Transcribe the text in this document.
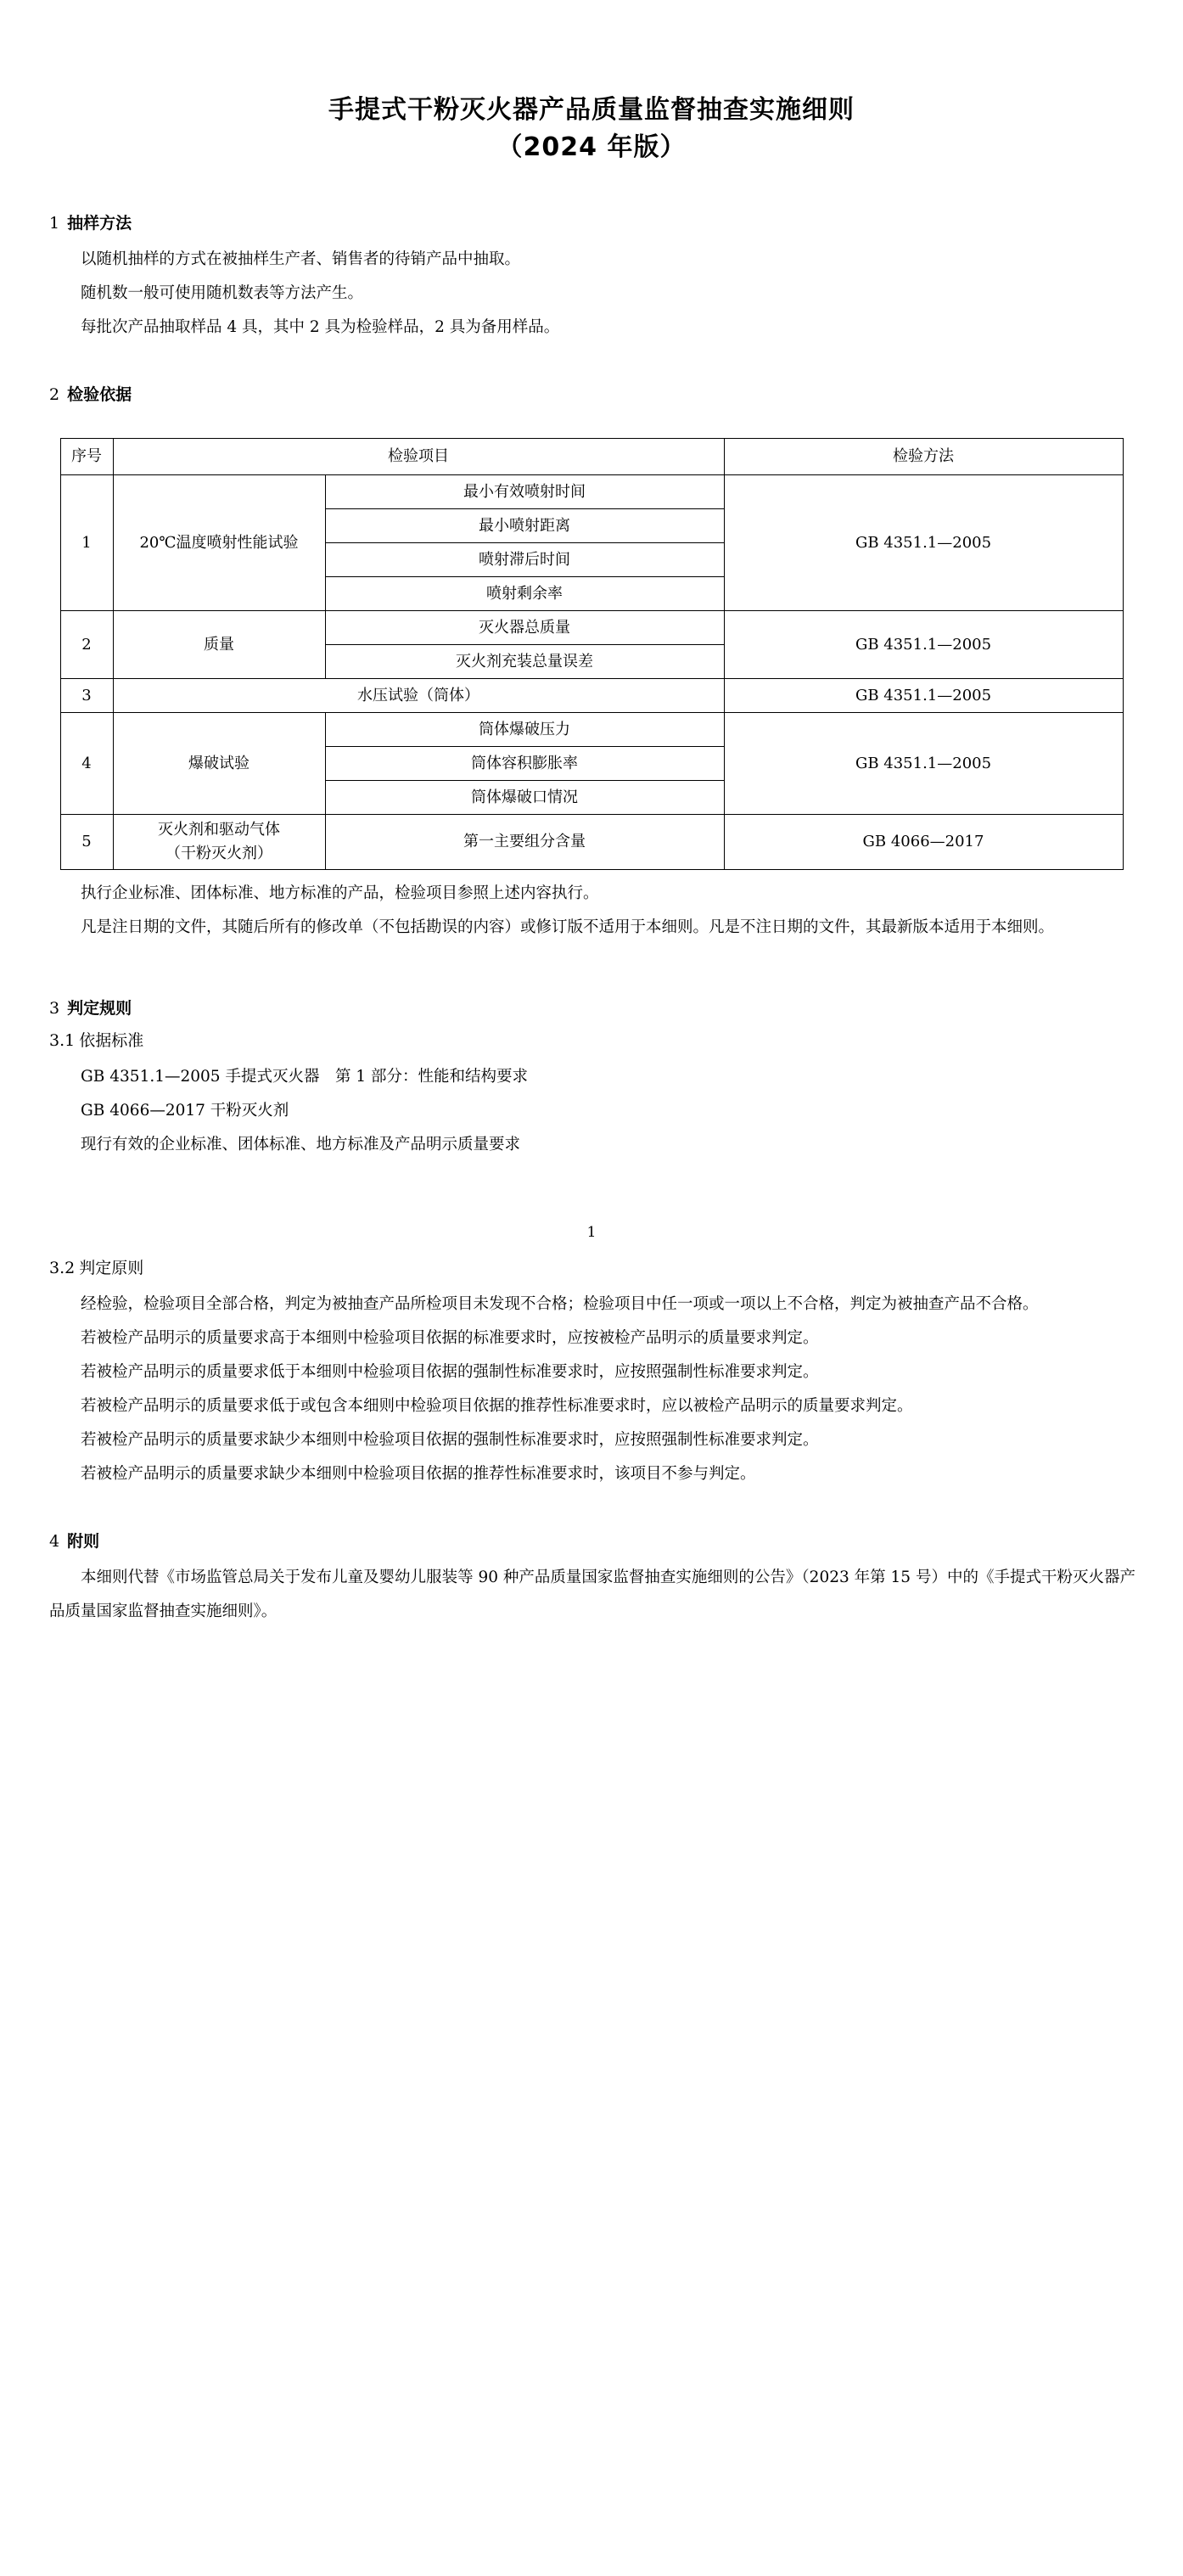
手提式干粉灭火器产品质量监督抽查实施细则
（2024 年版）
1 抽样方法

以随机抽样的方式在被抽样生产者、销售者的待销产品中抽取。

随机数一般可使用随机数表等方法产生。

每批次产品抽取样品 4 具，其中 2 具为检验样品，2 具为备用样品。

2 检验依据
序号	检验项目		检验方法
1	20℃温度喷射性能试验	最小有效喷射时间	GB 4351.1—2005
		最小喷射距离	
		喷射滞后时间	
		喷射剩余率	
2	质量	灭火器总质量	GB 4351.1—2005
		灭火剂充装总量误差	
3	水压试验（筒体）		GB 4351.1—2005
4	爆破试验	筒体爆破压力	GB 4351.1—2005
		筒体容积膨胀率	
		筒体爆破口情况	
5	灭火剂和驱动气体
（干粉灭火剂）	第一主要组分含量	GB 4066—2017

执行企业标准、团体标准、地方标准的产品，检验项目参照上述内容执行。

凡是注日期的文件，其随后所有的修改单（不包括勘误的内容）或修订版不适用于本细则。凡是不注日期的文件，其最新版本适用于本细则。

3 判定规则
3.1 依据标准

GB 4351.1—2005 手提式灭火器　第 1 部分：性能和结构要求

GB 4066—2017 干粉灭火剂

现行有效的企业标准、团体标准、地方标准及产品明示质量要求

1

3.2 判定原则

经检验，检验项目全部合格，判定为被抽查产品所检项目未发现不合格；检验项目中任一项或一项以上不合格，判定为被抽查产品不合格。

若被检产品明示的质量要求高于本细则中检验项目依据的标准要求时，应按被检产品明示的质量要求判定。

若被检产品明示的质量要求低于本细则中检验项目依据的强制性标准要求时，应按照强制性标准要求判定。

若被检产品明示的质量要求低于或包含本细则中检验项目依据的推荐性标准要求时，应以被检产品明示的质量要求判定。

若被检产品明示的质量要求缺少本细则中检验项目依据的强制性标准要求时，应按照强制性标准要求判定。

若被检产品明示的质量要求缺少本细则中检验项目依据的推荐性标准要求时，该项目不参与判定。

4 附则

本细则代替《市场监管总局关于发布儿童及婴幼儿服装等 90 种产品质量国家监督抽查实施细则的公告》（2023 年第 15 号）中的《手提式干粉灭火器产品质量国家监督抽查实施细则》。
